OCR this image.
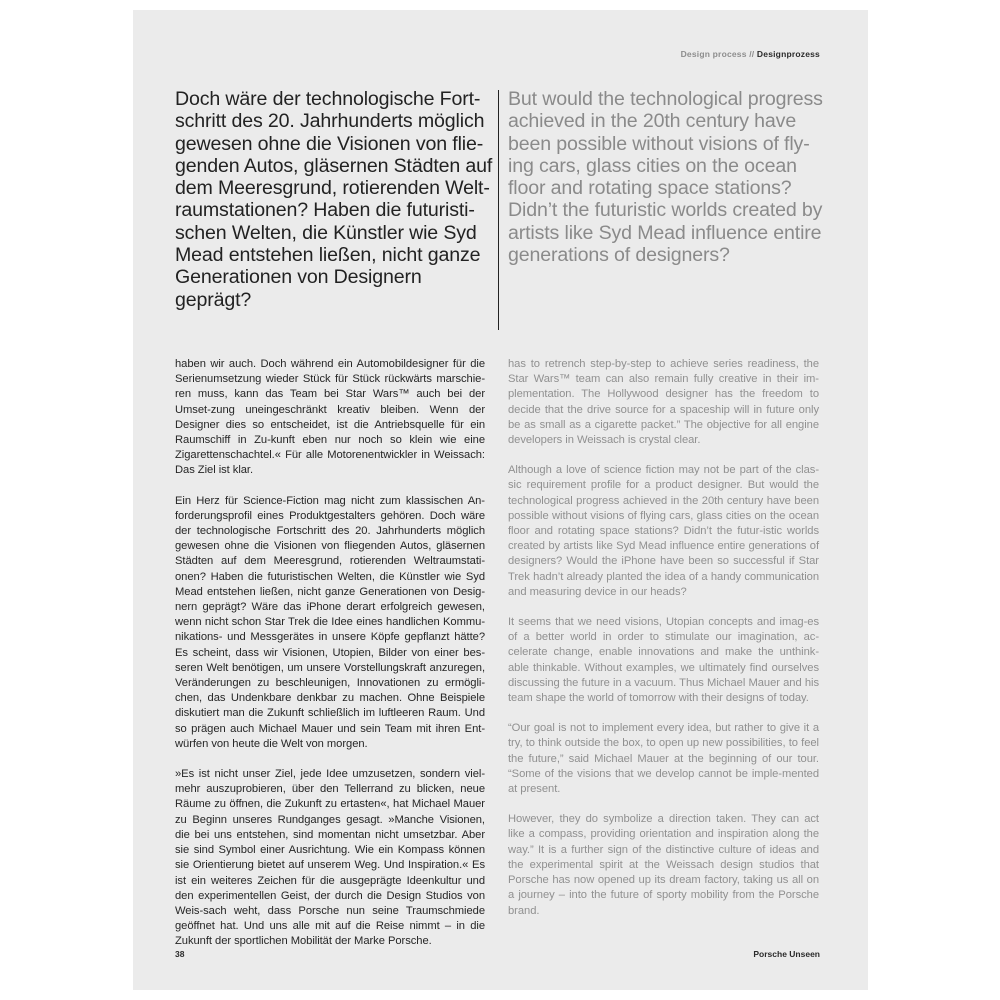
Design process // Designprozess
Doch wäre der technologische Fort-schritt des 20. Jahrhunderts möglich gewesen ohne die Visionen von flie-genden Autos, gläsernen Städten auf dem Meeresgrund, rotierenden Welt-raumstationen? Haben die futuristi-schen Welten, die Künstler wie Syd Mead entstehen ließen, nicht ganze Generationen von Designern geprägt?
But would the technological progress achieved in the 20th century have been possible without visions of fly-ing cars, glass cities on the ocean floor and rotating space stations? Didn’t the futuristic worlds created by artists like Syd Mead influence entire generations of designers?

haben wir auch. Doch während ein Automobildesigner für die Serienumsetzung wieder Stück für Stück rückwärts marschie-ren muss, kann das Team bei Star Wars™ auch bei der Umset-zung uneingeschränkt kreativ bleiben. Wenn der Designer dies so entscheidet, ist die Antriebsquelle für ein Raumschiff in Zu-kunft eben nur noch so klein wie eine Zigarettenschachtel.« Für alle Motorenentwickler in Weissach: Das Ziel ist klar.

Ein Herz für Science-Fiction mag nicht zum klassischen An-forderungsprofil eines Produktgestalters gehören. Doch wäre der technologische Fortschritt des 20. Jahrhunderts möglich gewesen ohne die Visionen von fliegenden Autos, gläsernen Städten auf dem Meeresgrund, rotierenden Weltraumstati-onen? Haben die futuristischen Welten, die Künstler wie Syd Mead entstehen ließen, nicht ganze Generationen von Desig-nern geprägt? Wäre das iPhone derart erfolgreich gewesen, wenn nicht schon Star Trek die Idee eines handlichen Kommu-nikations- und Messgerätes in unsere Köpfe gepflanzt hätte? Es scheint, dass wir Visionen, Utopien, Bilder von einer bes-seren Welt benötigen, um unsere Vorstellungskraft anzuregen, Veränderungen zu beschleunigen, Innovationen zu ermögli-chen, das Undenkbare denkbar zu machen. Ohne Beispiele diskutiert man die Zukunft schließlich im luftleeren Raum. Und so prägen auch Michael Mauer und sein Team mit ihren Ent-würfen von heute die Welt von morgen.

»Es ist nicht unser Ziel, jede Idee umzusetzen, sondern viel-mehr auszuprobieren, über den Tellerrand zu blicken, neue Räume zu öffnen, die Zukunft zu ertasten«, hat Michael Mauer zu Beginn unseres Rundganges gesagt. »Manche Visionen, die bei uns entstehen, sind momentan nicht umsetzbar. Aber sie sind Symbol einer Ausrichtung. Wie ein Kompass können sie Orientierung bietet auf unserem Weg. Und Inspiration.« Es ist ein weiteres Zeichen für die ausgeprägte Ideenkultur und den experimentellen Geist, der durch die Design Studios von Weis-sach weht, dass Porsche nun seine Traumschmiede geöffnet hat. Und uns alle mit auf die Reise nimmt – in die Zukunft der sportlichen Mobilität der Marke Porsche.

has to retrench step-by-step to achieve series readiness, the Star Wars™ team can also remain fully creative in their im-plementation. The Hollywood designer has the freedom to decide that the drive source for a spaceship will in future only be as small as a cigarette packet.” The objective for all engine developers in Weissach is crystal clear.

Although a love of science fiction may not be part of the clas-sic requirement profile for a product designer. But would the technological progress achieved in the 20th century have been possible without visions of flying cars, glass cities on the ocean floor and rotating space stations? Didn’t the futur-istic worlds created by artists like Syd Mead influence entire generations of designers? Would the iPhone have been so successful if Star Trek hadn’t already planted the idea of a handy communication and measuring device in our heads?

It seems that we need visions, Utopian concepts and imag-es of a better world in order to stimulate our imagination, ac-celerate change, enable innovations and make the unthink-able thinkable. Without examples, we ultimately find ourselves discussing the future in a vacuum. Thus Michael Mauer and his team shape the world of tomorrow with their designs of today.

“Our goal is not to implement every idea, but rather to give it a try, to think outside the box, to open up new possibilities, to feel the future,” said Michael Mauer at the beginning of our tour. “Some of the visions that we develop cannot be imple-mented at present.

However, they do symbolize a direction taken. They can act like a compass, providing orientation and inspiration along the way.” It is a further sign of the distinctive culture of ideas and the experimental spirit at the Weissach design studios that Porsche has now opened up its dream factory, taking us all on a journey – into the future of sporty mobility from the Porsche brand.

38	Porsche Unseen
